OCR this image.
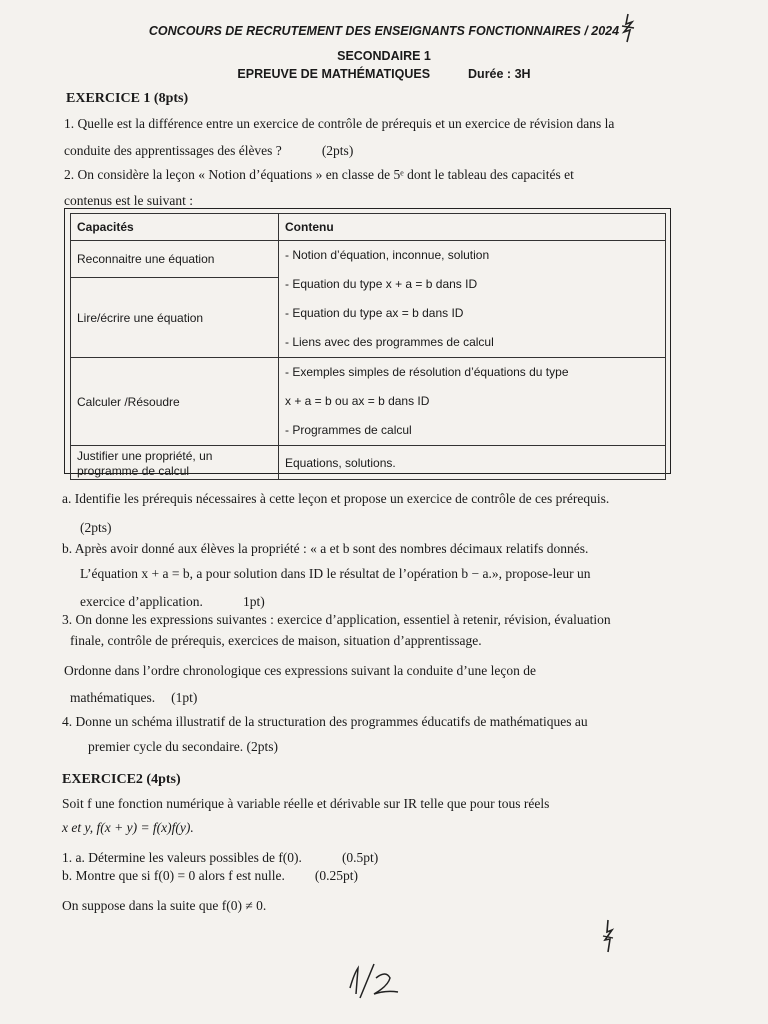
CONCOURS DE RECRUTEMENT DES ENSEIGNANTS FONCTIONNAIRES / 2024
SECONDAIRE 1
EPREUVE DE MATHÉMATIQUES	Durée : 3H
EXERCICE 1 (8pts)
1. Quelle est la différence entre un exercice de contrôle de prérequis et un exercice de révision dans la
conduite des apprentissages des élèves ?	(2pts)
2. On considère la leçon « Notion d’équations » en classe de 5ᵉ dont le tableau des capacités et
contenus est le suivant :
Capacités	Contenu
Reconnaitre une équation	- Notion d’équation, inconnue, solution
- Equation du type x + a = b dans ID
- Equation du type ax = b dans ID
- Liens avec des programmes de calcul

Lire/écrire une équation	
Calculer /Résoudre	- Exemples simples de résolution d’équations du type
x + a = b ou ax = b dans ID
- Programmes de calcul

Justifier une propriété, un programme de calcul	Equations, solutions.
a. Identifie les prérequis nécessaires à cette leçon et propose un exercice de contrôle de ces prérequis.
(2pts)
b. Après avoir donné aux élèves la propriété : « a et b sont des nombres décimaux relatifs donnés.
L’équation x + a = b, a pour solution dans ID le résultat de l’opération b − a.», propose-leur un
exercice d’application.	1pt)
3. On donne les expressions suivantes : exercice d’application, essentiel à retenir, révision, évaluation
finale, contrôle de prérequis, exercices de maison, situation d’apprentissage.
Ordonne dans l’ordre chronologique ces expressions suivant la conduite d’une leçon de
mathématiques. (1pt)
4. Donne un schéma illustratif de la structuration des programmes éducatifs de mathématiques au
premier cycle du secondaire. (2pts)
EXERCICE2 (4pts)
Soit f une fonction numérique à variable réelle et dérivable sur IR telle que pour tous réels
x et y, f(x + y) = f(x)f(y).
1. a. Détermine les valeurs possibles de f(0).	(0.5pt)
b. Montre que si f(0) = 0 alors f est nulle. (0.25pt)
On suppose dans la suite que f(0) ≠ 0.
